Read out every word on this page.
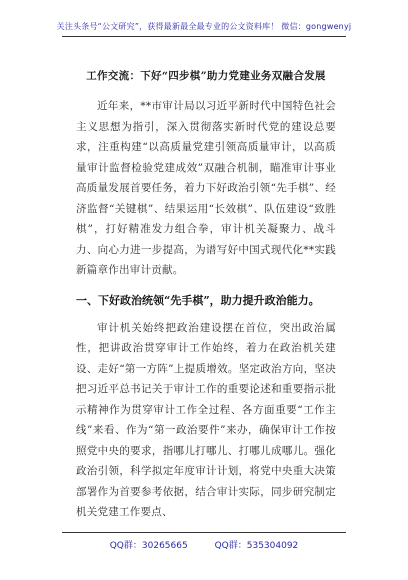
关注头条号“公文研究”，获得最新最全最专业的公文资料库！ 微信：gongwenyj

工作交流：下好“四步棋”助力党建业务双融合发展

近年来，**市审计局以习近平新时代中国特色社会主义思想为指引，深入贯彻落实新时代党的建设总要求，注重构建“以高质量党建引领高质量审计，以高质量审计监督检验党建成效”双融合机制，瞄准审计事业高质量发展首要任务，着力下好政治引领“先手棋”、经济监督“关键棋”、结果运用“长效棋”、队伍建设“致胜棋”，打好精准发力组合拳，审计机关凝聚力、战斗力、向心力进一步提高，为谱写好中国式现代化**实践新篇章作出审计贡献。

一、下好政治统领“先手棋”，助力提升政治能力。

审计机关始终把政治建设摆在首位，突出政治属性，把讲政治贯穿审计工作始终，着力在政治机关建设、走好“第一方阵”上提质增效。坚定政治方向，坚决把习近平总书记关于审计工作的重要论述和重要指示批示精神作为贯穿审计工作全过程、各方面重要“工作主线”来看、作为“第一政治要件”来办，确保审计工作按照党中央的要求，指哪儿打哪儿、打哪儿成哪儿。强化政治引领，科学拟定年度审计计划，将党中央重大决策部署作为首要参考依据，结合审计实际，同步研究制定机关党建工作要点、

QQ群：30265665	QQ群：535304092
